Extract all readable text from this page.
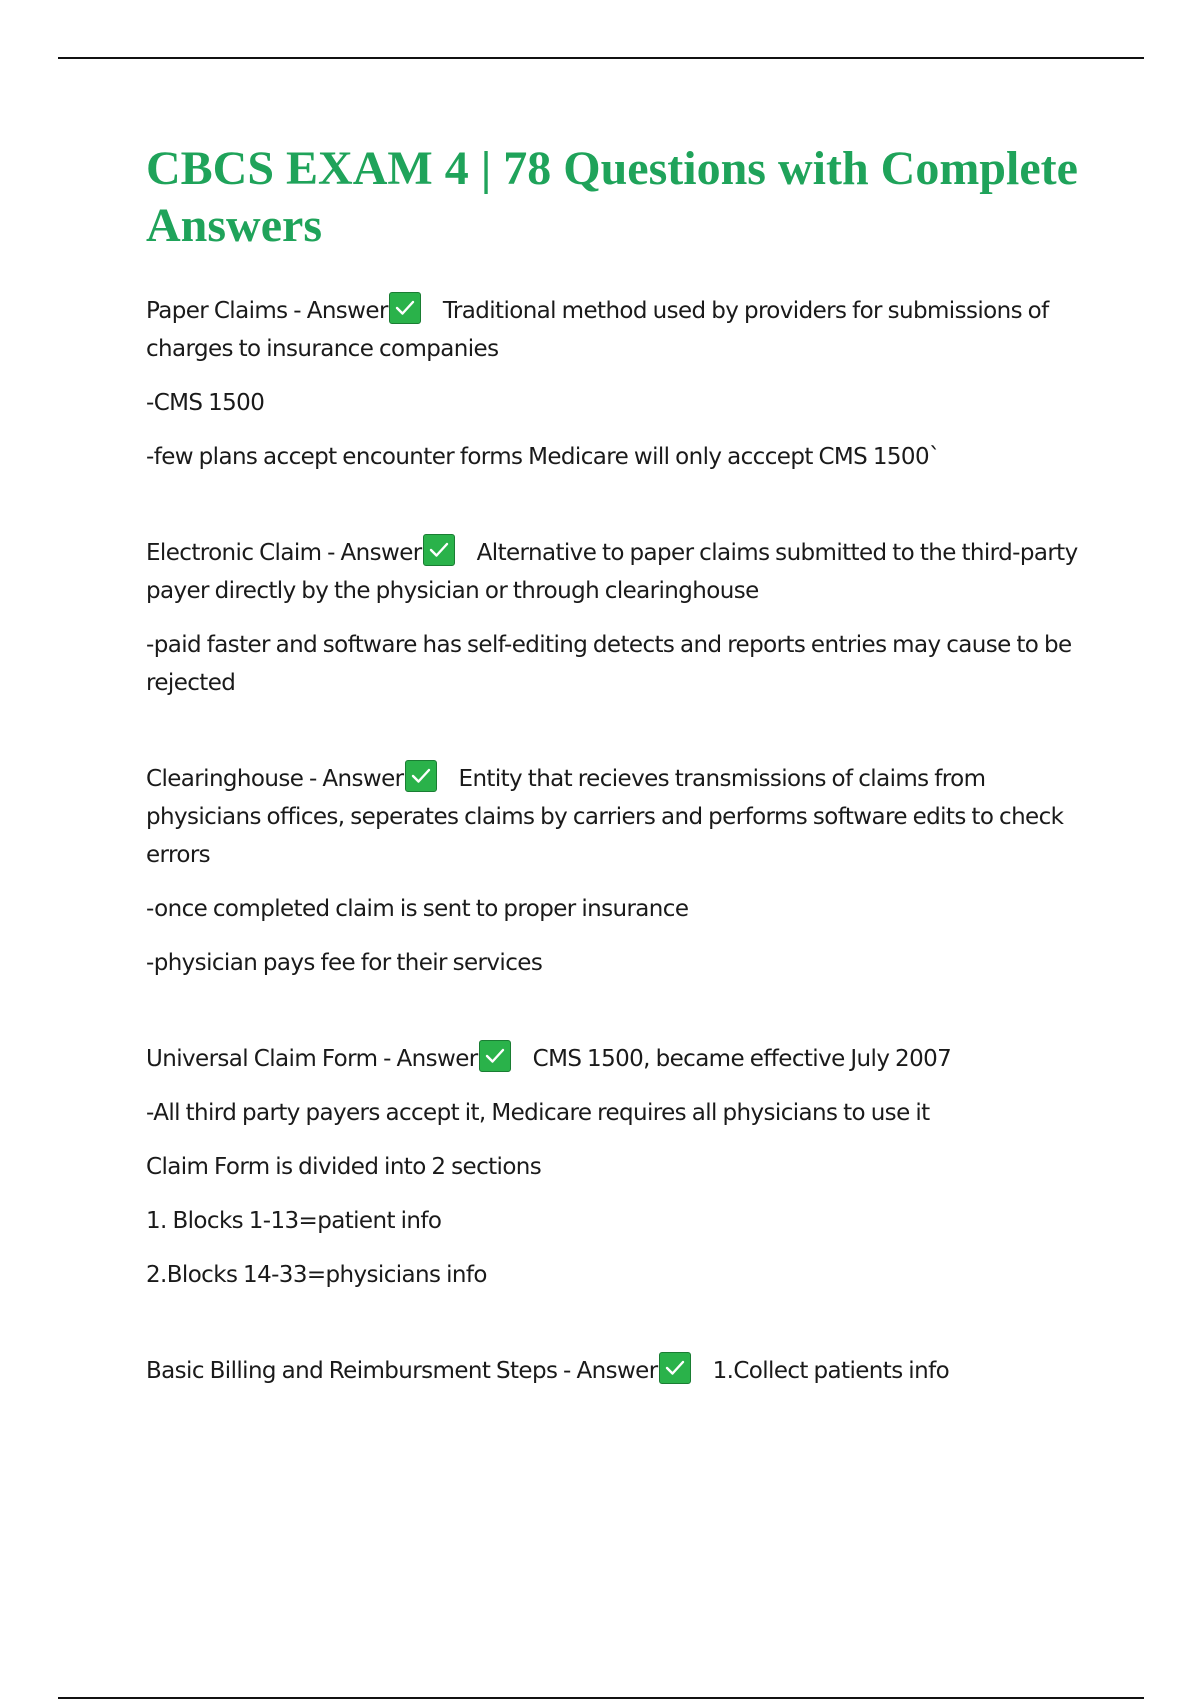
CBCS EXAM 4 | 78 Questions with Complete Answers
Paper Claims - Answer Traditional method used by providers for submissions of charges to insurance companies
-CMS 1500
-few plans accept encounter forms Medicare will only acccept CMS 1500`
Electronic Claim - Answer Alternative to paper claims submitted to the third-party payer directly by the physician or through clearinghouse
-paid faster and software has self-editing detects and reports entries may cause to be rejected
Clearinghouse - Answer Entity that recieves transmissions of claims from physicians offices, seperates claims by carriers and performs software edits to check errors
-once completed claim is sent to proper insurance
-physician pays fee for their services
Universal Claim Form - Answer CMS 1500, became effective July 2007
-All third party payers accept it, Medicare requires all physicians to use it
Claim Form is divided into 2 sections
1. Blocks 1-13=patient info
2.Blocks 14-33=physicians info
Basic Billing and Reimbursment Steps - Answer 1.Collect patients info
